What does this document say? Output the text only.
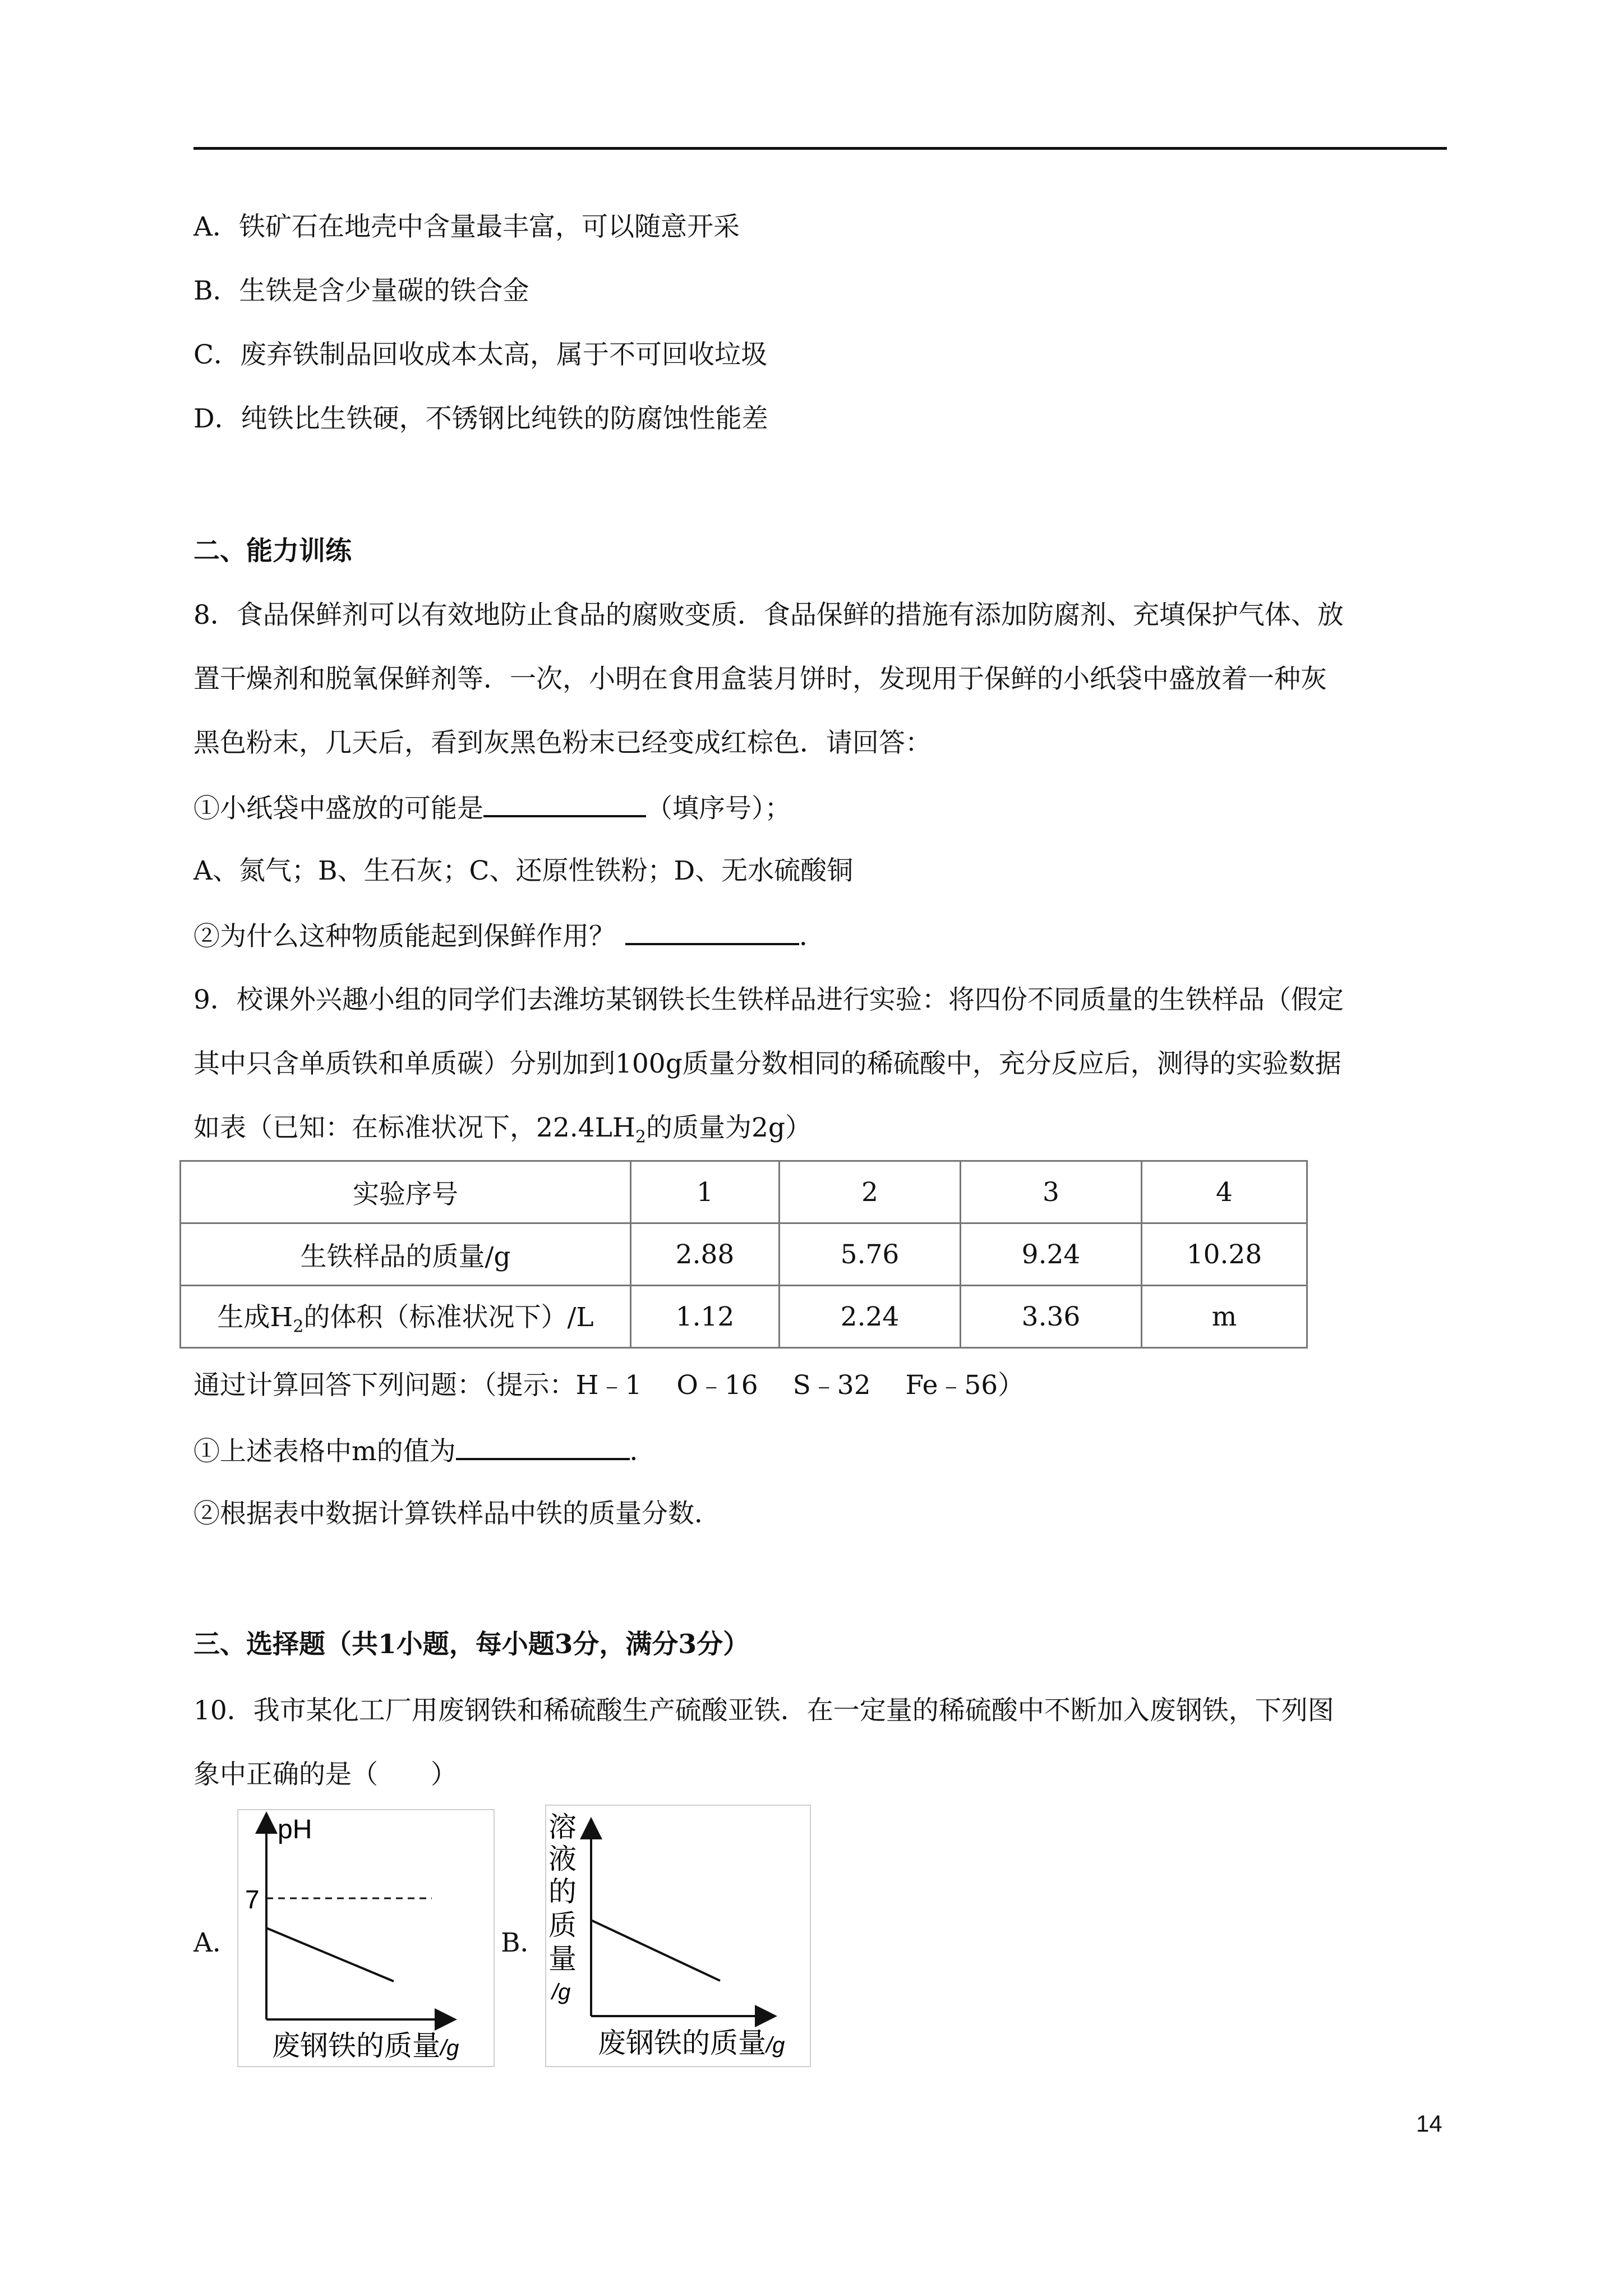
A．铁矿石在地壳中含量最丰富，可以随意开采
B．生铁是含少量碳的铁合金
C．废弃铁制品回收成本太高，属于不可回收垃圾
D．纯铁比生铁硬，不锈钢比纯铁的防腐蚀性能差
二、能力训练
8．食品保鲜剂可以有效地防止食品的腐败变质．食品保鲜的措施有添加防腐剂、充填保护气体、放
置干燥剂和脱氧保鲜剂等．一次，小明在食用盒装月饼时，发现用于保鲜的小纸袋中盛放着一种灰
黑色粉末，几天后，看到灰黑色粉末已经变成红棕色．请回答：
①小纸袋中盛放的可能是	（填序号）；
A、氮气；B、生石灰；C、还原性铁粉；D、无水硫酸铜
②为什么这种物质能起到保鲜作用？	．
9．校课外兴趣小组的同学们去潍坊某钢铁长生铁样品进行实验：将四份不同质量的生铁样品（假定
其中只含单质铁和单质碳）分别加到100g质量分数相同的稀硫酸中，充分反应后，测得的实验数据
如表（已知：在标准状况下，$22.4LH_2$的质量为2g）
实验序号	1	2	3	4
生铁样品的质量/g	2.88	5.76	9.24	10.28
生成$H_2$的体积（标准状况下）/L	1.12	2.24	3.36	m
通过计算回答下列问题：（提示：H﹣1　 O﹣16　 S﹣32　 Fe﹣56）
①上述表格中m的值为	．
②根据表中数据计算铁样品中铁的质量分数．
三、选择题（共1小题，每小题3分，满分3分）
10．我市某化工厂用废钢铁和稀硫酸生产硫酸亚铁．在一定量的稀硫酸中不断加入废钢铁，下列图
象中正确的是（　　）
A．
pH
7
废钢铁的质量/g
B．
溶
液
的
质
量
/g
废钢铁的质量/g
14
